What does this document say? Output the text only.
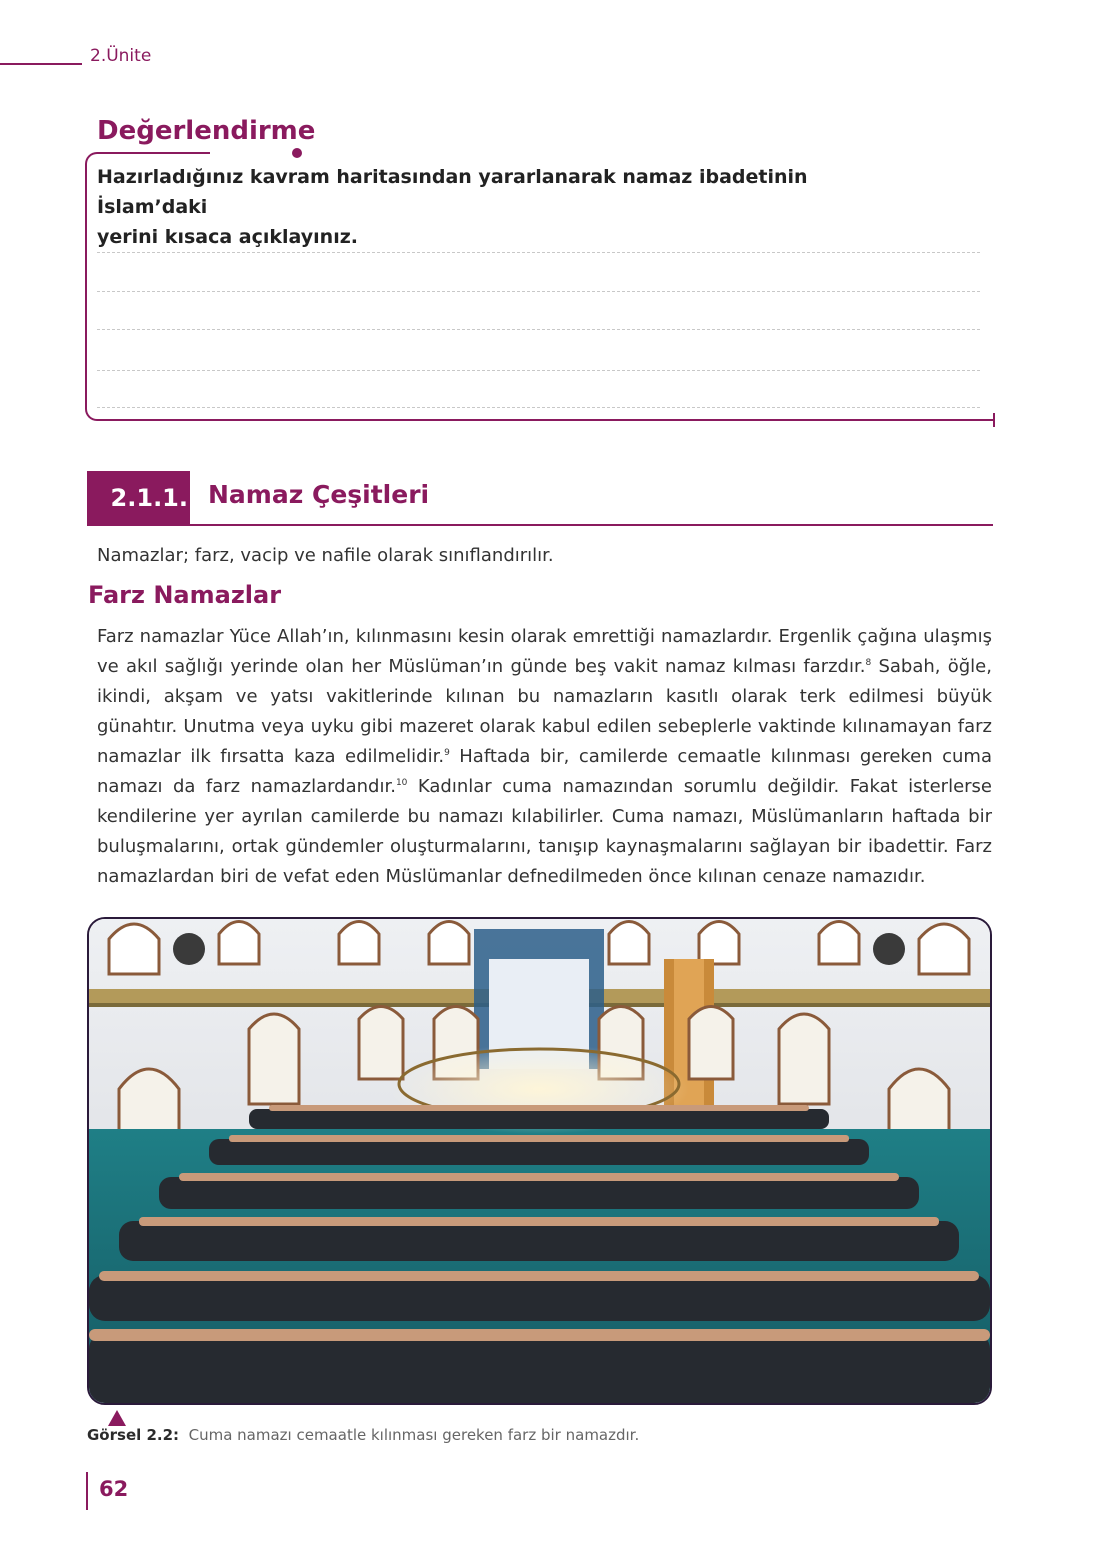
2.Ünite
Değerlendirme
Hazırladığınız kavram haritasından yararlanarak namaz ibadetinin İslam’daki
yerini kısaca açıklayınız.
2.1.1. Namaz Çeşitleri
Namazlar; farz, vacip ve nafile olarak sınıflandırılır.
Farz Namazlar

Farz namazlar Yüce Allah’ın, kılınmasını kesin olarak emrettiği namazlardır. Ergenlik çağına ulaşmış ve akıl sağlığı yerinde olan her Müslüman’ın günde beş vakit namaz kılması farzdır.$^8$ Sabah, öğle, ikindi, akşam ve yatsı vakitlerinde kılınan bu namazların kasıtlı olarak terk edilmesi büyük günahtır. Unutma veya uyku gibi mazeret olarak kabul edilen sebeplerle vaktinde kılınamayan farz namazlar ilk fırsatta kaza edilmelidir.$^9$ Haftada bir, camilerde cemaatle kılınması gereken cuma namazı da farz namazlardandır.$^{10}$ Kadınlar cuma namazından sorumlu değildir. Fakat isterlerse kendilerine yer ayrılan camilerde bu namazı kılabilirler. Cuma namazı, Müslümanların haftada bir buluşmalarını, ortak gündemler oluşturmalarını, tanışıp kaynaşmalarını sağlayan bir ibadettir. Farz namazlardan biri de vefat eden Müslümanlar defnedilmeden önce kılınan cenaze namazıdır.

Görsel 2.2: Cuma namazı cemaatle kılınması gereken farz bir namazdır.
62
